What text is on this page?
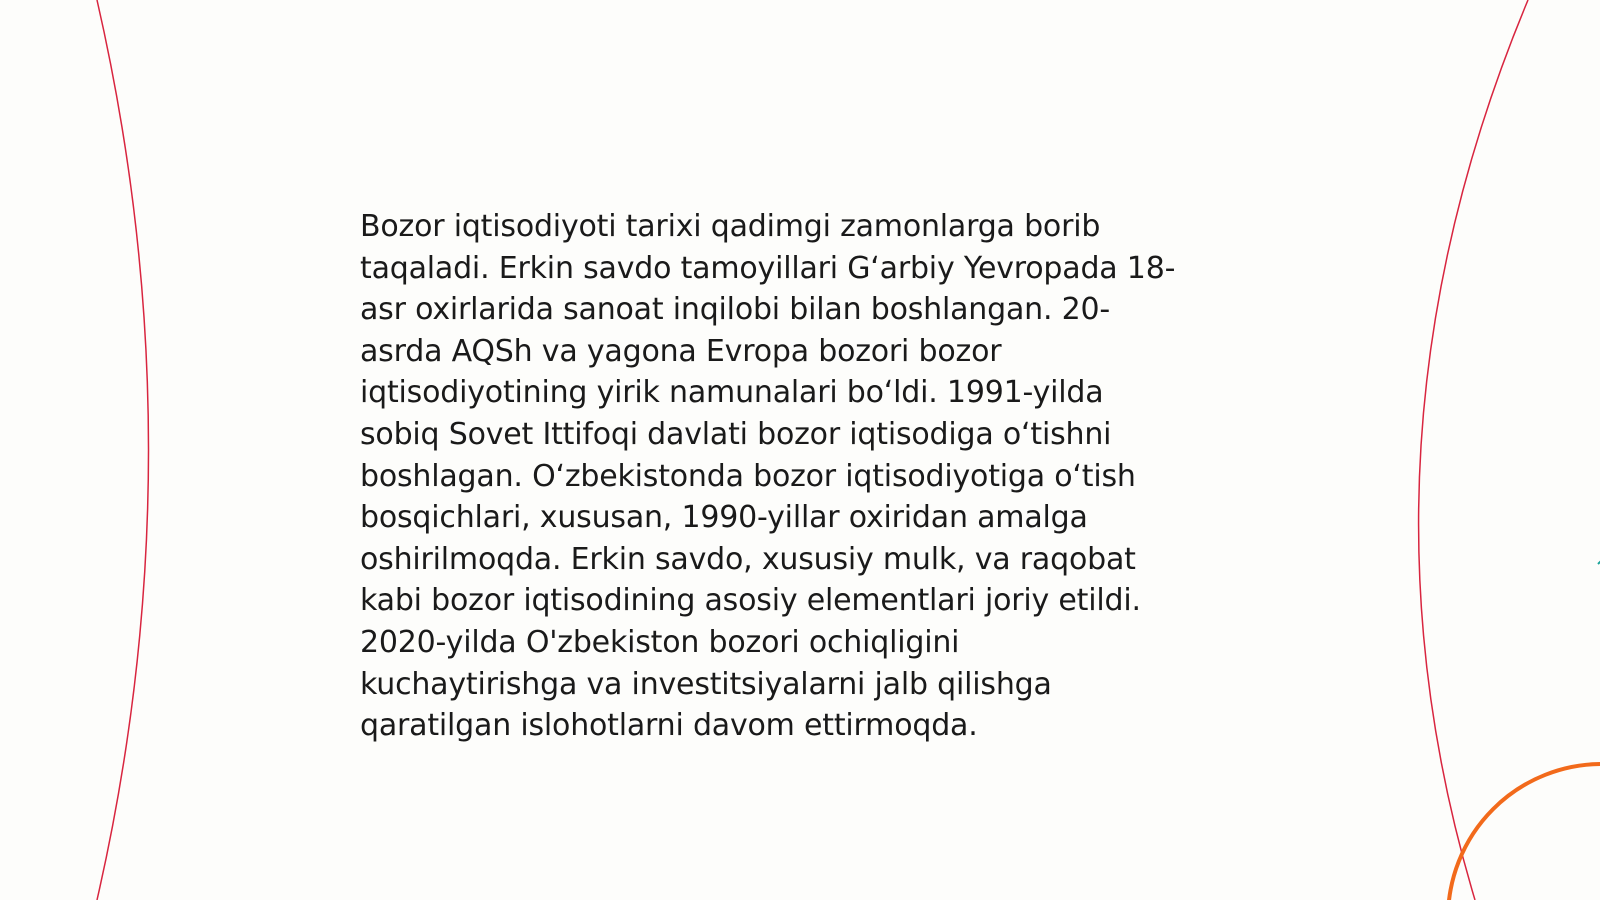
Bozor iqtisodiyoti tarixi qadimgi zamonlarga borib
taqaladi. Erkin savdo tamoyillari G‘arbiy Yevropada 18-
asr oxirlarida sanoat inqilobi bilan boshlangan. 20-
asrda AQSh va yagona Evropa bozori bozor
iqtisodiyotining yirik namunalari bo‘ldi. 1991-yilda
sobiq Sovet Ittifoqi davlati bozor iqtisodiga o‘tishni
boshlagan. O‘zbekistonda bozor iqtisodiyotiga o‘tish
bosqichlari, xususan, 1990-yillar oxiridan amalga
oshirilmoqda. Erkin savdo, xususiy mulk, va raqobat
kabi bozor iqtisodining asosiy elementlari joriy etildi.
2020-yilda O'zbekiston bozori ochiqligini
kuchaytirishga va investitsiyalarni jalb qilishga
qaratilgan islohotlarni davom ettirmoqda.
